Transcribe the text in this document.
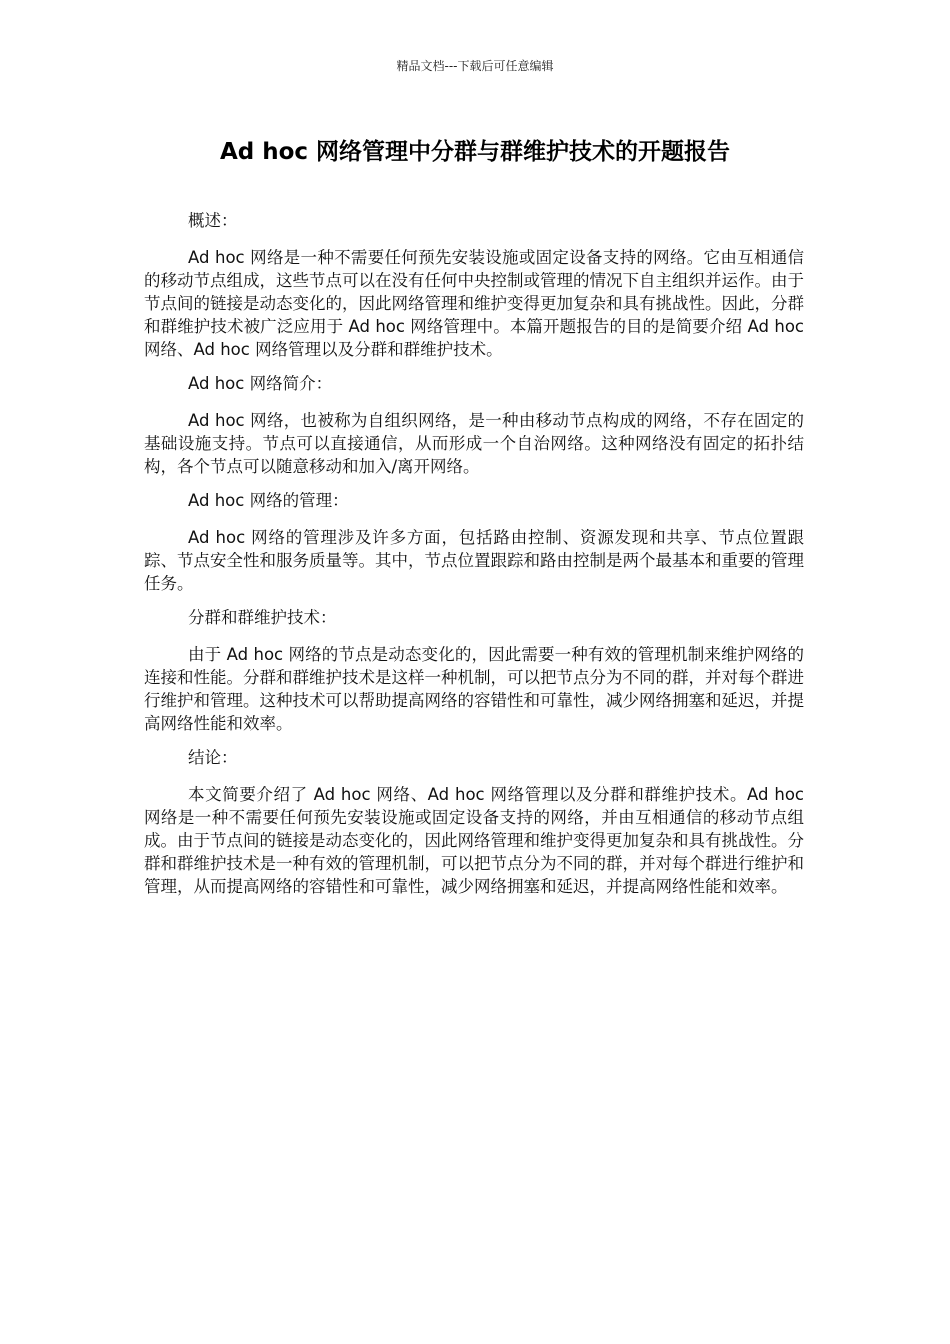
精品文档---下载后可任意编辑
Ad hoc 网络管理中分群与群维护技术的开题报告

概述：

Ad hoc 网络是一种不需要任何预先安装设施或固定设备支持的网络。它由互相通信的移动节点组成，这些节点可以在没有任何中央控制或管理的情况下自主组织并运作。由于节点间的链接是动态变化的，因此网络管理和维护变得更加复杂和具有挑战性。因此，分群和群维护技术被广泛应用于 Ad hoc 网络管理中。本篇开题报告的目的是简要介绍 Ad hoc 网络、Ad hoc 网络管理以及分群和群维护技术。

Ad hoc 网络简介：

Ad hoc 网络，也被称为自组织网络，是一种由移动节点构成的网络，不存在固定的基础设施支持。节点可以直接通信，从而形成一个自治网络。这种网络没有固定的拓扑结构，各个节点可以随意移动和加入/离开网络。

Ad hoc 网络的管理：

Ad hoc 网络的管理涉及许多方面，包括路由控制、资源发现和共享、节点位置跟踪、节点安全性和服务质量等。其中，节点位置跟踪和路由控制是两个最基本和重要的管理任务。

分群和群维护技术：

由于 Ad hoc 网络的节点是动态变化的，因此需要一种有效的管理机制来维护网络的连接和性能。分群和群维护技术是这样一种机制，可以把节点分为不同的群，并对每个群进行维护和管理。这种技术可以帮助提高网络的容错性和可靠性，减少网络拥塞和延迟，并提高网络性能和效率。

结论：

本文简要介绍了 Ad hoc 网络、Ad hoc 网络管理以及分群和群维护技术。Ad hoc 网络是一种不需要任何预先安装设施或固定设备支持的网络，并由互相通信的移动节点组成。由于节点间的链接是动态变化的，因此网络管理和维护变得更加复杂和具有挑战性。分群和群维护技术是一种有效的管理机制，可以把节点分为不同的群，并对每个群进行维护和管理，从而提高网络的容错性和可靠性，减少网络拥塞和延迟，并提高网络性能和效率。
